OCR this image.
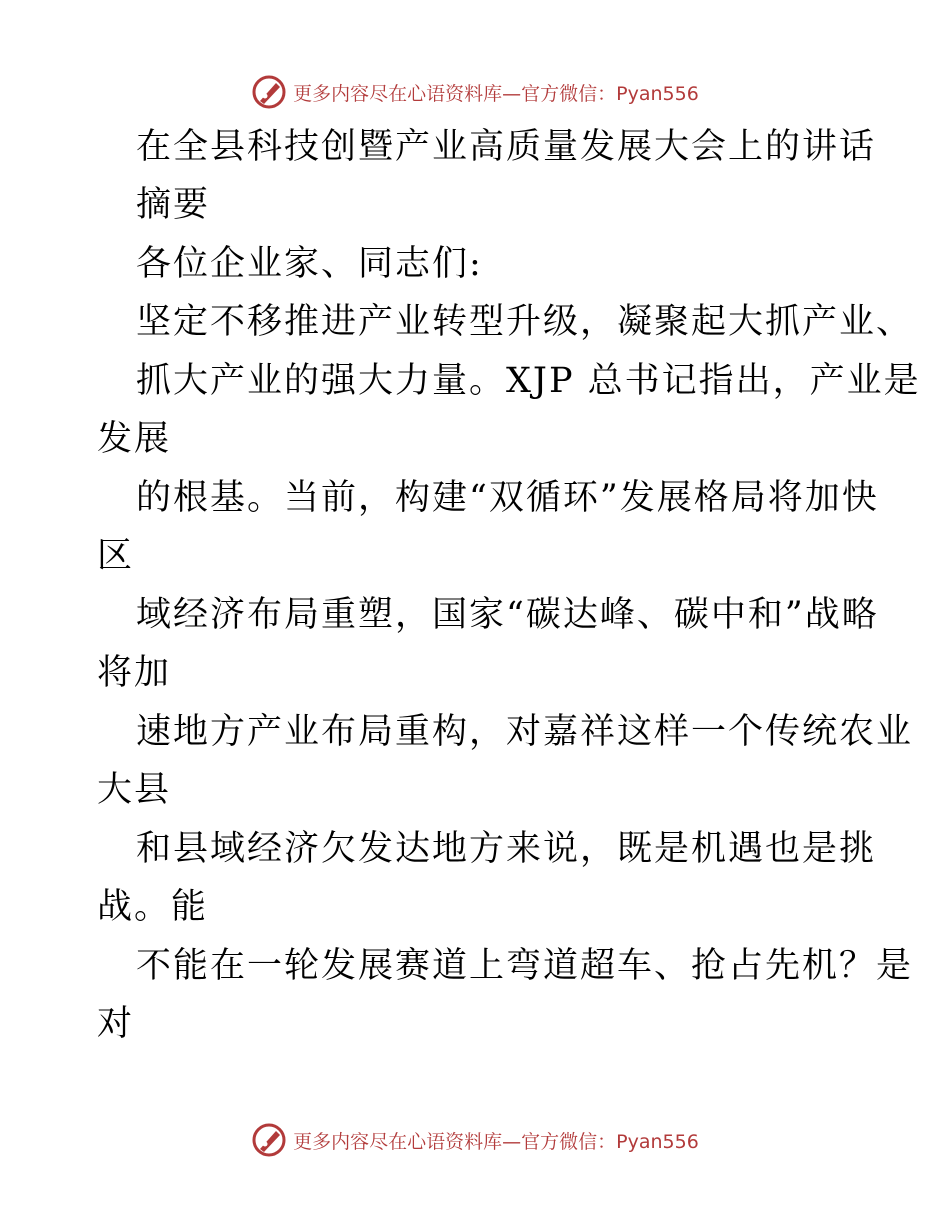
更多内容尽在心语资料库—官方微信：Pyan556
在全县科技创暨产业高质量发展大会上的讲话
摘要
各位企业家、同志们:
坚定不移推进产业转型升级，凝聚起大抓产业、
抓大产业的强大力量。XJP 总书记指出，产业是
发展
的根基。当前，构建“双循环”发展格局将加快
区
域经济布局重塑，国家“碳达峰、碳中和”战略
将加
速地方产业布局重构，对嘉祥这样一个传统农业
大县
和县域经济欠发达地方来说，既是机遇也是挑
战。能
不能在一轮发展赛道上弯道超车、抢占先机？是
对
更多内容尽在心语资料库—官方微信：Pyan556
